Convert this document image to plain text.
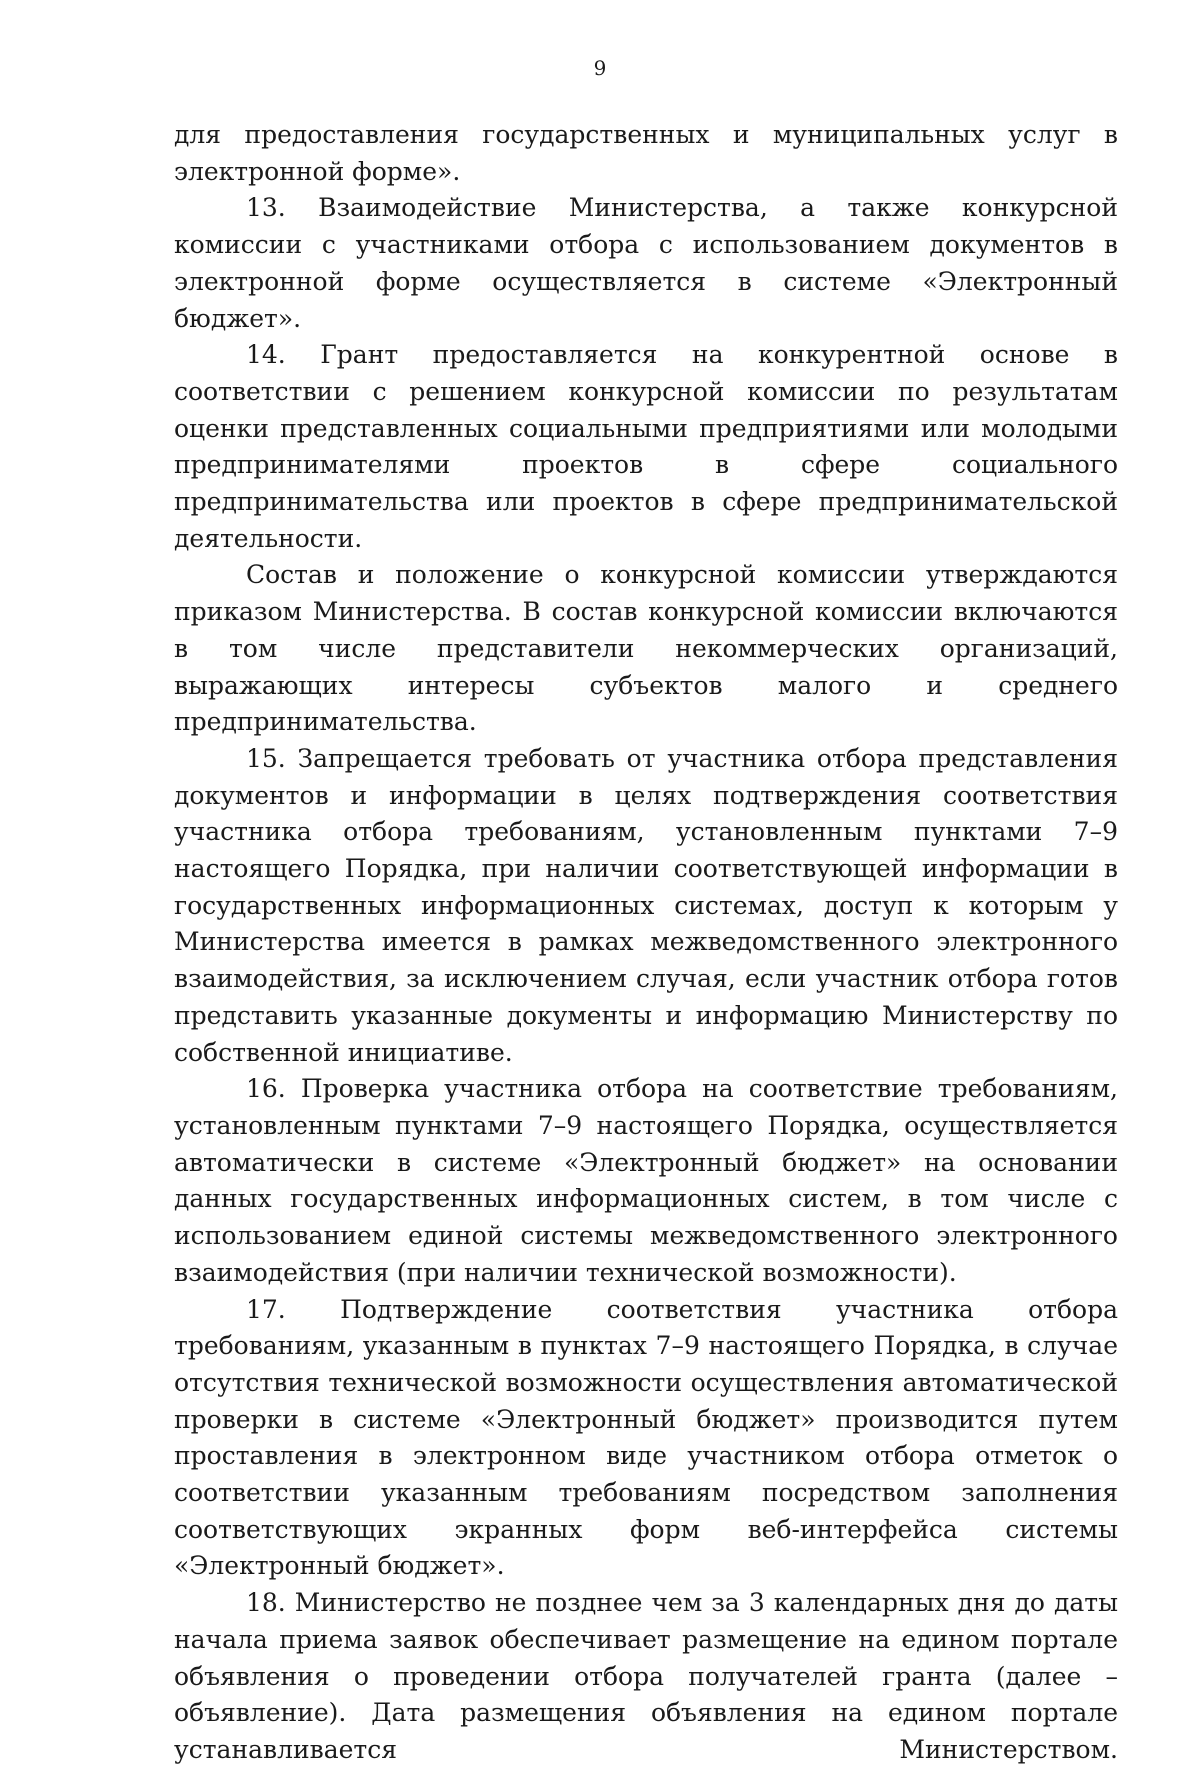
9

для предоставления государственных и муниципальных услуг в электронной форме».

13. Взаимодействие Министерства, а также конкурсной комиссии с участниками отбора с использованием документов в электронной форме осуществляется в системе «Электронный бюджет».

14. Грант предоставляется на конкурентной основе в соответствии с решением конкурсной комиссии по результатам оценки представленных социальными предприятиями или молодыми предпринимателями проектов в сфере социального предпринимательства или проектов в сфере предпринимательской деятельности.

Состав и положение о конкурсной комиссии утверждаются приказом Министерства. В состав конкурсной комиссии включаются в том числе представители некоммерческих организаций, выражающих интересы субъектов малого и среднего предпринимательства.

15. Запрещается требовать от участника отбора представления документов и информации в целях подтверждения соответствия участника отбора требованиям, установленным пунктами 7–9 настоящего Порядка, при наличии соответствующей информации в государственных информационных системах, доступ к которым у Министерства имеется в рамках межведомственного электронного взаимодействия, за исключением случая, если участник отбора готов представить указанные документы и информацию Министерству по собственной инициативе.

16. Проверка участника отбора на соответствие требованиям, установленным пунктами 7–9 настоящего Порядка, осуществляется автоматически в системе «Электронный бюджет» на основании данных государственных информационных систем, в том числе с использованием единой системы межведомственного электронного взаимодействия (при наличии технической возможности).

17. Подтверждение соответствия участника отбора требованиям, указанным в пунктах 7–9 настоящего Порядка, в случае отсутствия технической возможности осуществления автоматической проверки в системе «Электронный бюджет» производится путем проставления в электронном виде участником отбора отметок о соответствии указанным требованиям посредством заполнения соответствующих экранных форм веб-интерфейса системы «Электронный бюджет».

18. Министерство не позднее чем за 3 календарных дня до даты начала приема заявок обеспечивает размещение на едином портале объявления о проведении отбора получателей гранта (далее – объявление). Дата размещения объявления на едином портале устанавливается Министерством.
